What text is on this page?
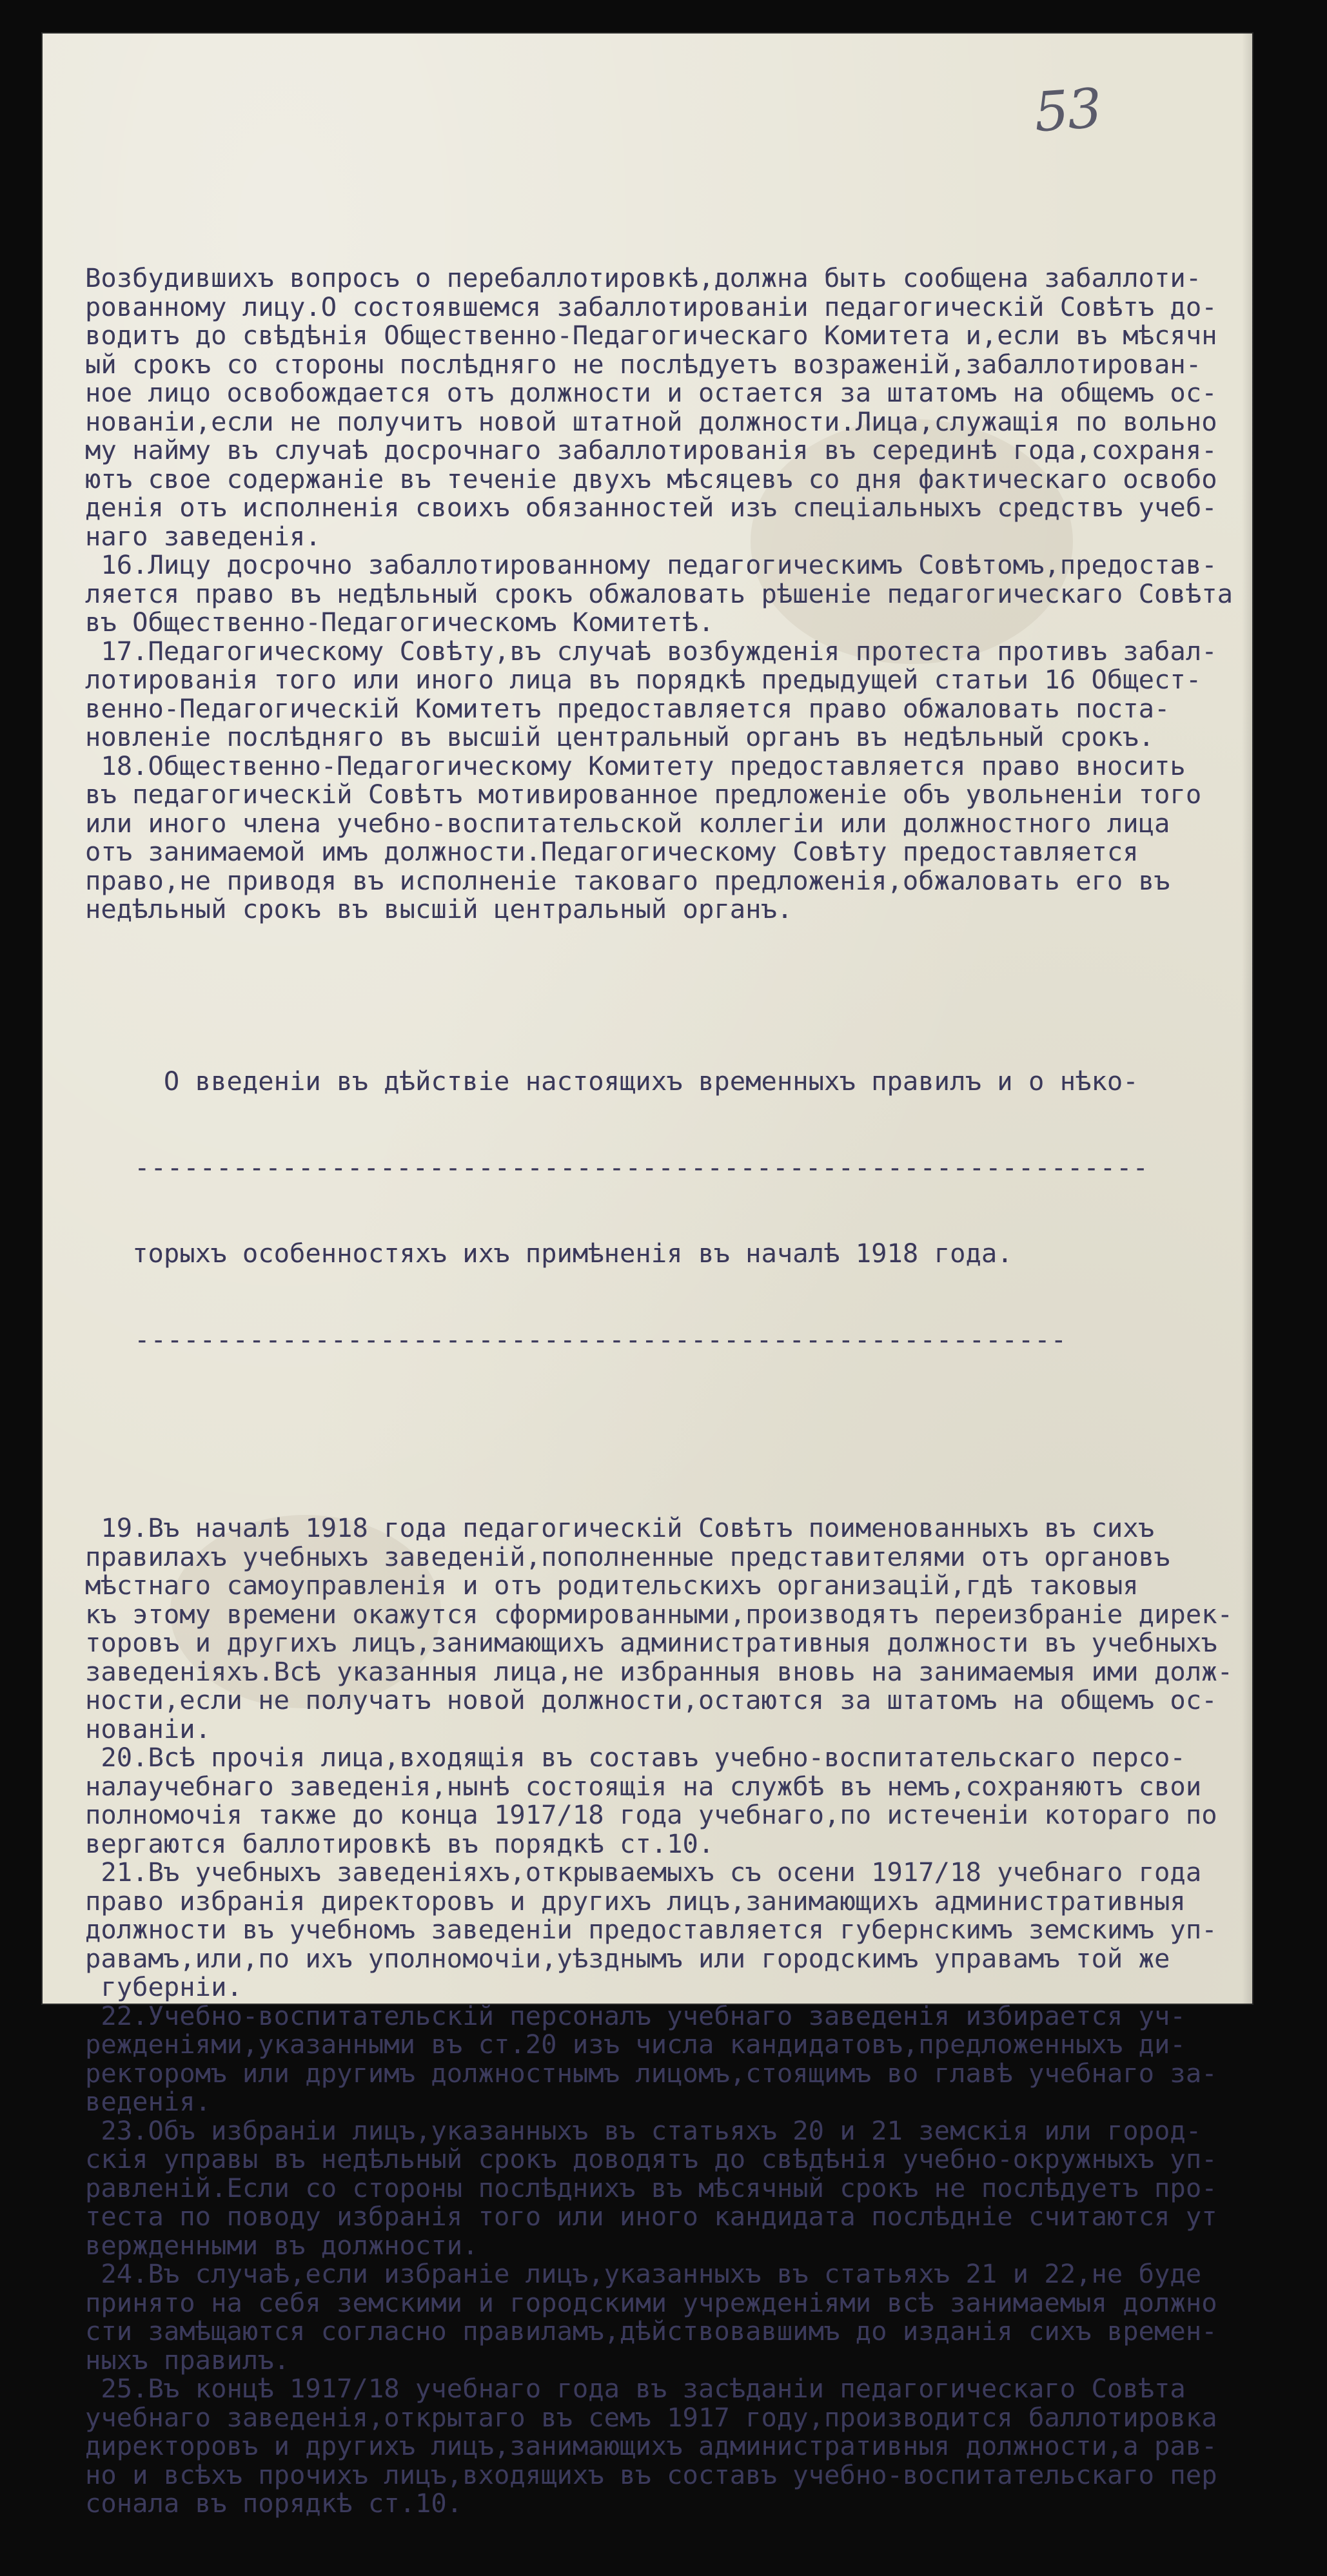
53

Возбудившихъ вопросъ о перебаллотировкѣ,должна быть сообщена забаллоти-
рованному лицу.О состоявшемся забаллотированіи педагогическій Совѣтъ до-
водитъ до свѣдѣнія Общественно-Педагогическаго Комитета и,если въ мѣсячн
ый срокъ со стороны послѣдняго не послѣдуетъ возраженій,забаллотирован-
ное лицо освобождается отъ должности и остается за штатомъ на общемъ ос-
нованіи,если не получитъ новой штатной должности.Лица,служащія по вольно
му найму въ случаѣ досрочнаго забаллотированія въ серединѣ года,сохраня-
ютъ свое содержаніе въ теченіе двухъ мѣсяцевъ со дня фактическаго освобо
денія отъ исполненія своихъ обязанностей изъ спеціальныхъ средствъ учеб-
наго заведенія.
16.Лицу досрочно забаллотированному педагогическимъ Совѣтомъ,предостав-
ляется право въ недѣльный срокъ обжаловать рѣшеніе педагогическаго Совѣта
въ Общественно-Педагогическомъ Комитетѣ.
17.Педагогическому Совѣту,въ случаѣ возбужденія протеста противъ забал-
лотированія того или иного лица въ порядкѣ предыдущей статьи 16 Общест-
венно-Педагогическій Комитетъ предоставляется право обжаловать поста-
новленіе послѣдняго въ высшій центральный органъ въ недѣльный срокъ.
18.Общественно-Педагогическому Комитету предоставляется право вносить
въ педагогическій Совѣтъ мотивированное предложеніе объ увольненіи того
или иного члена учебно-воспитательской коллегіи или должностного лица
отъ занимаемой имъ должности.Педагогическому Совѣту предоставляется
право,не приводя въ исполненіе таковаго предложенія,обжаловать его въ
недѣльный срокъ въ высшій центральный органъ.

О введеніи въ дѣйствіе настоящихъ временныхъ правилъ и о нѣко-

--------------------------------------------------------------

торыхъ особенностяхъ ихъ примѣненія въ началѣ 1918 года.

---------------------------------------------------------

19.Въ началѣ 1918 года педагогическій Совѣтъ поименованныхъ въ сихъ
правилахъ учебныхъ заведеній,пополненные представителями отъ органовъ
мѣстнаго самоуправленія и отъ родительскихъ организацій,гдѣ таковыя
къ этому времени окажутся сформированными,производятъ переизбраніе дирек-
торовъ и другихъ лицъ,занимающихъ административныя должности въ учебныхъ
заведеніяхъ.Всѣ указанныя лица,не избранныя вновь на занимаемыя ими долж-
ности,если не получатъ новой должности,остаются за штатомъ на общемъ ос-
нованіи.
20.Всѣ прочія лица,входящія въ составъ учебно-воспитательскаго персо-
налаучебнаго заведенія,нынѣ состоящія на службѣ въ немъ,сохраняютъ свои
полномочія также до конца 1917/18 года учебнаго,по истеченіи котораго по
вергаются баллотировкѣ въ порядкѣ ст.10.
21.Въ учебныхъ заведеніяхъ,открываемыхъ съ осени 1917/18 учебнаго года
право избранія директоровъ и другихъ лицъ,занимающихъ административныя
должности въ учебномъ заведеніи предоставляется губернскимъ земскимъ уп-
равамъ,или,по ихъ уполномочіи,уѣзднымъ или городскимъ управамъ той же
губерніи.
22.Учебно-воспитательскій персоналъ учебнаго заведенія избирается уч-
режденіями,указанными въ ст.20 изъ числа кандидатовъ,предложенныхъ ди-
ректоромъ или другимъ должностнымъ лицомъ,стоящимъ во главѣ учебнаго за-
веденія.
23.Объ избраніи лицъ,указанныхъ въ статьяхъ 20 и 21 земскія или город-
скія управы въ недѣльный срокъ доводятъ до свѣдѣнія учебно-окружныхъ уп-
равленій.Если со стороны послѣднихъ въ мѣсячный срокъ не послѣдуетъ про-
теста по поводу избранія того или иного кандидата послѣдніе считаются ут
вержденными въ должности.
24.Въ случаѣ,если избраніе лицъ,указанныхъ въ статьяхъ 21 и 22,не буде
принято на себя земскими и городскими учрежденіями всѣ занимаемыя должно
сти замѣщаются согласно правиламъ,дѣйствовавшимъ до изданія сихъ времен-
ныхъ правилъ.
25.Въ концѣ 1917/18 учебнаго года въ засѣданіи педагогическаго Совѣта
учебнаго заведенія,открытаго въ семъ 1917 году,производится баллотировка
директоровъ и другихъ лицъ,занимающихъ административныя должности,а рав-
но и всѣхъ прочихъ лицъ,входящихъ въ составъ учебно-воспитательскаго пер
сонала въ порядкѣ ст.10.
